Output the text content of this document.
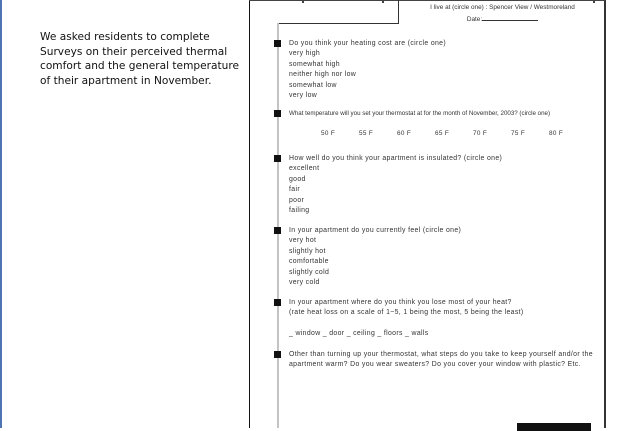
We asked residents to complete Surveys on their perceived thermal comfort and the general temperature of their apartment in November.
I live at (circle one) : Spencer View / Westmoreland
Date:
Do you think your heating cost are (circle one)
very high
somewhat high
neither high nor low
somewhat low
very low
What temperature will you set your thermostat at for the month of November, 2003? (circle one)
50 F	55 F	60 F	65 F	70 F	75 F	80 F
How well do you think your apartment is insulated? (circle one)
excellent
good
fair
poor
failing
In your apartment do you currently feel (circle one)
very hot
slightly hot
comfortable
slightly cold
very cold
In your apartment where do you think you lose most of your heat?
(rate heat loss on a scale of 1~5, 1 being the most, 5 being the least)
_ window _ door _ ceiling _ floors _ walls
Other than turning up your thermostat, what steps do you take to keep yourself and/or the apartment warm? Do you wear sweaters? Do you cover your window with plastic? Etc.
